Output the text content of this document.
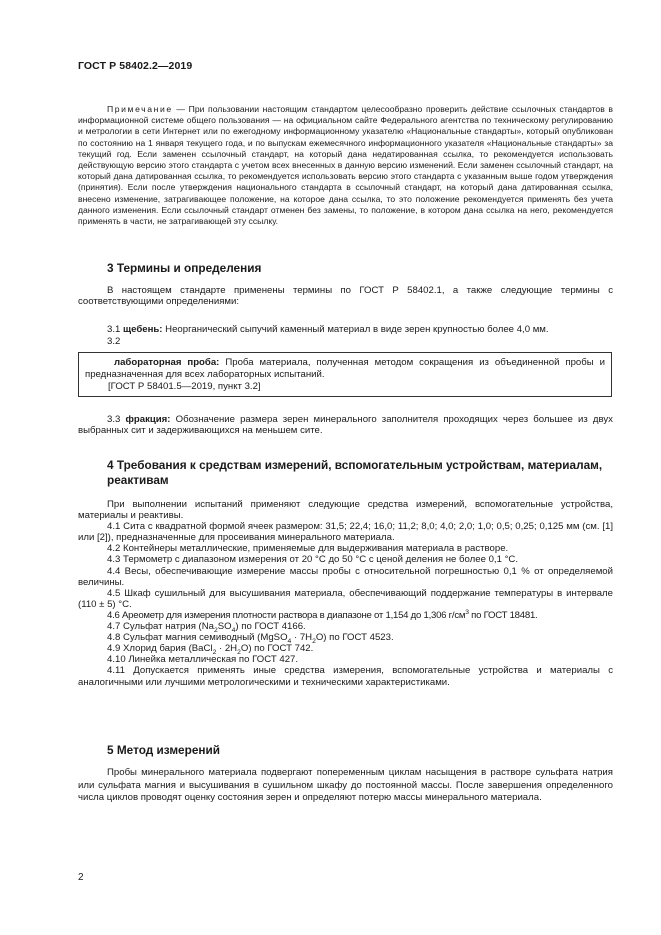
ГОСТ Р 58402.2—2019
Примечание — При пользовании настоящим стандартом целесообразно проверить действие ссылочных стандартов в информационной системе общего пользования — на официальном сайте Федерального агентства по техническому регулированию и метрологии в сети Интернет или по ежегодному информационному указателю «Национальные стандарты», который опубликован по состоянию на 1 января текущего года, и по выпускам ежемесячного информационного указателя «Национальные стандарты» за текущий год. Если заменен ссылочный стандарт, на который дана недатированная ссылка, то рекомендуется использовать действующую версию этого стандарта с учетом всех внесенных в данную версию изменений. Если заменен ссылочный стандарт, на который дана датированная ссылка, то рекомендуется использовать версию этого стандарта с указанным выше годом утверждения (принятия). Если после утверждения национального стандарта в ссылочный стандарт, на который дана датированная ссылка, внесено изменение, затрагивающее положение, на которое дана ссылка, то это положение рекомендуется применять без учета данного изменения. Если ссылочный стандарт отменен без замены, то положение, в котором дана ссылка на него, рекомендуется применять в части, не затрагивающей эту ссылку.
3 Термины и определения
В настоящем стандарте применены термины по ГОСТ Р 58402.1, а также следующие термины с соответствующими определениями:
3.1 щебень: Неорганический сыпучий каменный материал в виде зерен крупностью более 4,0 мм.
3.2

лабораторная проба: Проба материала, полученная методом сокращения из объединенной пробы и предназначенная для всех лабораторных испытаний.

[ГОСТ Р 58401.5—2019, пункт 3.2]

3.3 фракция: Обозначение размера зерен минерального заполнителя проходящих через большее из двух выбранных сит и задерживающихся на меньшем сите.
4 Требования к средствам измерений, вспомогательным устройствам, материалам, реактивам

При выполнении испытаний применяют следующие средства измерений, вспомогательные устройства, материалы и реактивы.

4.1 Сита с квадратной формой ячеек размером: 31,5; 22,4; 16,0; 11,2; 8,0; 4,0; 2,0; 1,0; 0,5; 0,25; 0,125 мм (см. [1] или [2]), предназначенные для просеивания минерального материала.

4.2 Контейнеры металлические, применяемые для выдерживания материала в растворе.

4.3 Термометр с диапазоном измерения от 20 °С до 50 °С с ценой деления не более 0,1 °С.

4.4 Весы, обеспечивающие измерение массы пробы с относительной погрешностью 0,1 % от определяемой величины.

4.5 Шкаф сушильный для высушивания материала, обеспечивающий поддержание температуры в интервале (110 ± 5) °С.

4.6 Ареометр для измерения плотности раствора в диапазоне от 1,154 до 1,306 $г/см^3$ по ГОСТ 18481.

4.7 Сульфат натрия $(Na_2SO_4)$ по ГОСТ 4166.

4.8 Сульфат магния семиводный (MgSO$_4$ · $7H_2O$) по ГОСТ 4523.

4.9 Хлорид бария (BaCl$_2$ · $2H_2O$) по ГОСТ 742.

4.10 Линейка металлическая по ГОСТ 427.

4.11 Допускается применять иные средства измерения, вспомогательные устройства и материалы с аналогичными или лучшими метрологическими и техническими характеристиками.

5 Метод измерений
Пробы минерального материала подвергают попеременным циклам насыщения в растворе сульфата натрия или сульфата магния и высушивания в сушильном шкафу до постоянной массы. После завершения определенного числа циклов проводят оценку состояния зерен и определяют потерю массы минерального материала.
2
